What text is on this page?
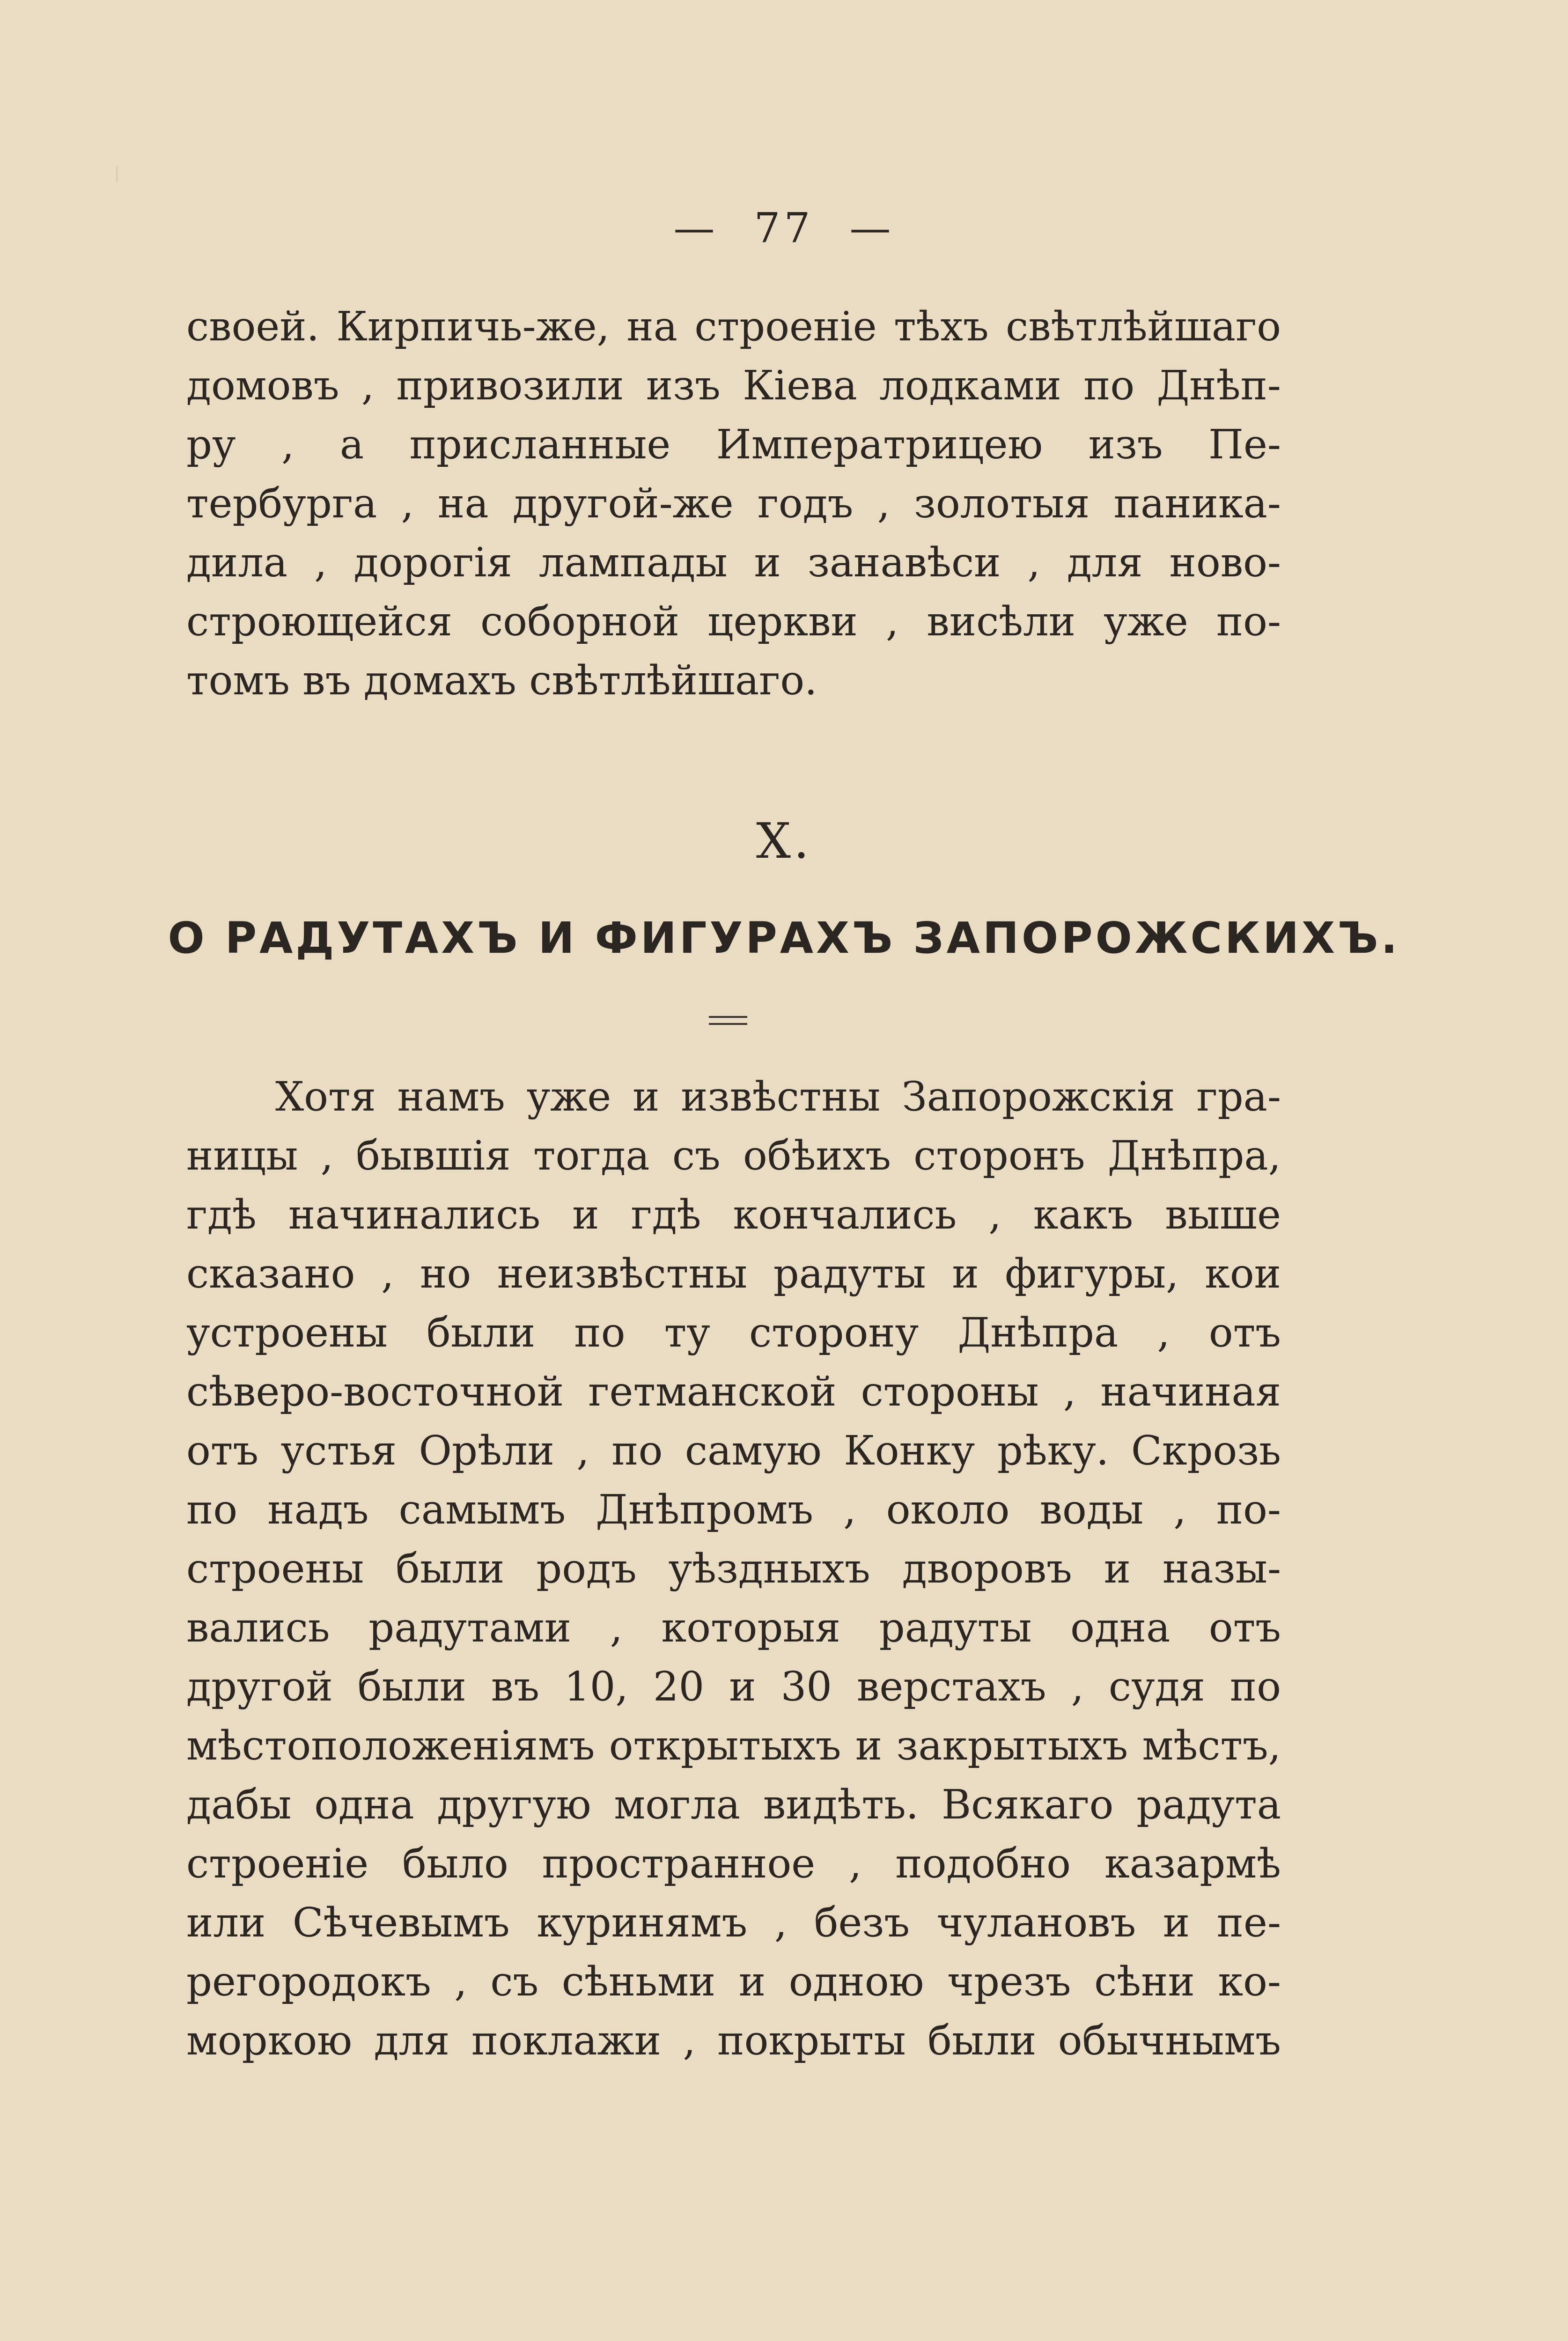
— 77 —
своей. Кирпичь-же, на строеніе тѣхъ свѣтлѣйшаго
домовъ , привозили изъ Кіева лодками по Днѣп-
ру , а присланные Императрицею изъ Пе-
тербурга , на другой-же годъ , золотыя паника-
дила , дорогія лампады и занавѣси , для ново-
строющейся соборной церкви , висѣли уже по-
томъ въ домахъ свѣтлѣйшаго.
X.
О РАДУТАХЪ И ФИГУРАХЪ ЗАПОРОЖСКИХЪ.
Хотя намъ уже и извѣстны Запорожскія гра-
ницы , бывшія тогда съ обѣихъ сторонъ Днѣпра,
гдѣ начинались и гдѣ кончались , какъ выше
сказано , но неизвѣстны радуты и фигуры, кои
устроены были по ту сторону Днѣпра , отъ
сѣверо-восточной гетманской стороны , начиная
отъ устья Орѣли , по самую Конку рѣку. Скрозь
по надъ самымъ Днѣпромъ , около воды , по-
строены были родъ уѣздныхъ дворовъ и назы-
вались радутами , которыя радуты одна отъ
другой были въ 10, 20 и 30 верстахъ , судя по
мѣстоположеніямъ открытыхъ и закрытыхъ мѣстъ,
дабы одна другую могла видѣть. Всякаго радута
строеніе было пространное , подобно казармѣ
или Сѣчевымъ куринямъ , безъ чулановъ и пе-
регородокъ , съ сѣньми и одною чрезъ сѣни ко-
моркою для поклажи , покрыты были обычнымъ
